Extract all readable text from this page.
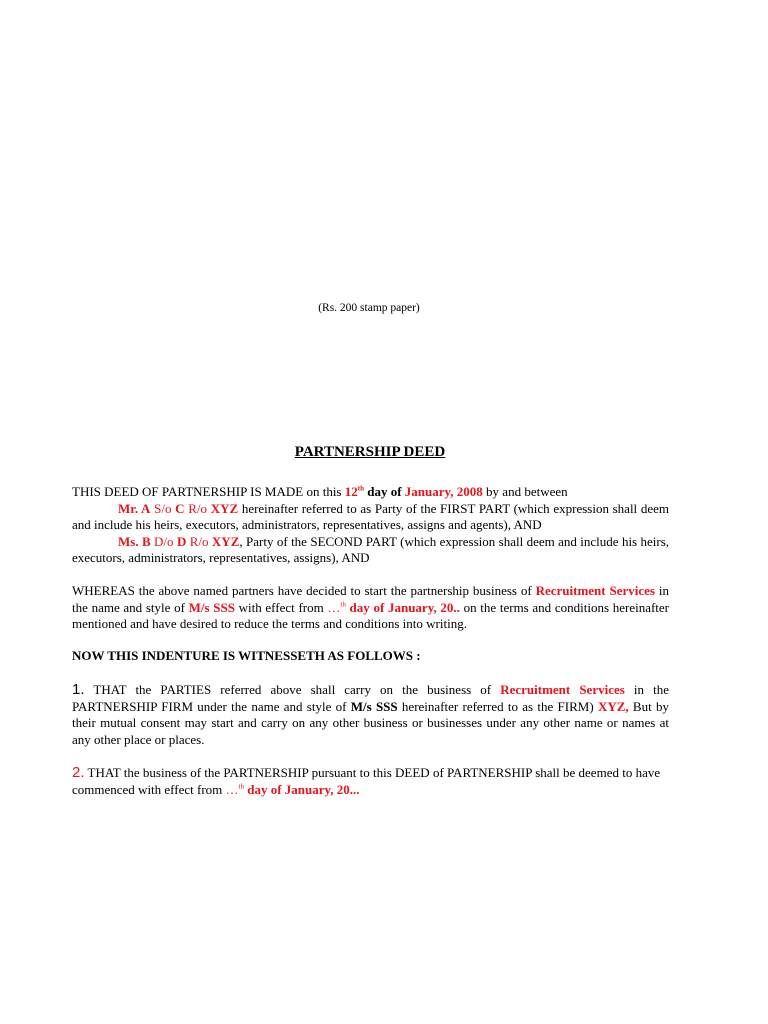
(Rs. 200 stamp paper)
PARTNERSHIP DEED
THIS DEED OF PARTNERSHIP IS MADE on this 12th day of January, 2008 by and between
Mr. A S/o C R/o XYZ hereinafter referred to as Party of the FIRST PART (which expression shall deem and include his heirs, executors, administrators, representatives, assigns and agents), AND
Ms. B D/o D R/o XYZ, Party of the SECOND PART (which expression shall deem and include his heirs, executors, administrators, representatives, assigns), AND
WHEREAS the above named partners have decided to start the partnership business of Recruitment Services in the name and style of M/s SSS with effect from …$^{th}$ day of January, 20.. on the terms and conditions hereinafter mentioned and have desired to reduce the terms and conditions into writing.
NOW THIS INDENTURE IS WITNESSETH AS FOLLOWS :
1. THAT the PARTIES referred above shall carry on the business of Recruitment Services in the PARTNERSHIP FIRM under the name and style of M/s SSS hereinafter referred to as the FIRM) XYZ, But by their mutual consent may start and carry on any other business or businesses under any other name or names at any other place or places.
2. THAT the business of the PARTNERSHIP pursuant to this DEED of PARTNERSHIP shall be deemed to have commenced with effect from …$^{th}$ day of January, 20...
